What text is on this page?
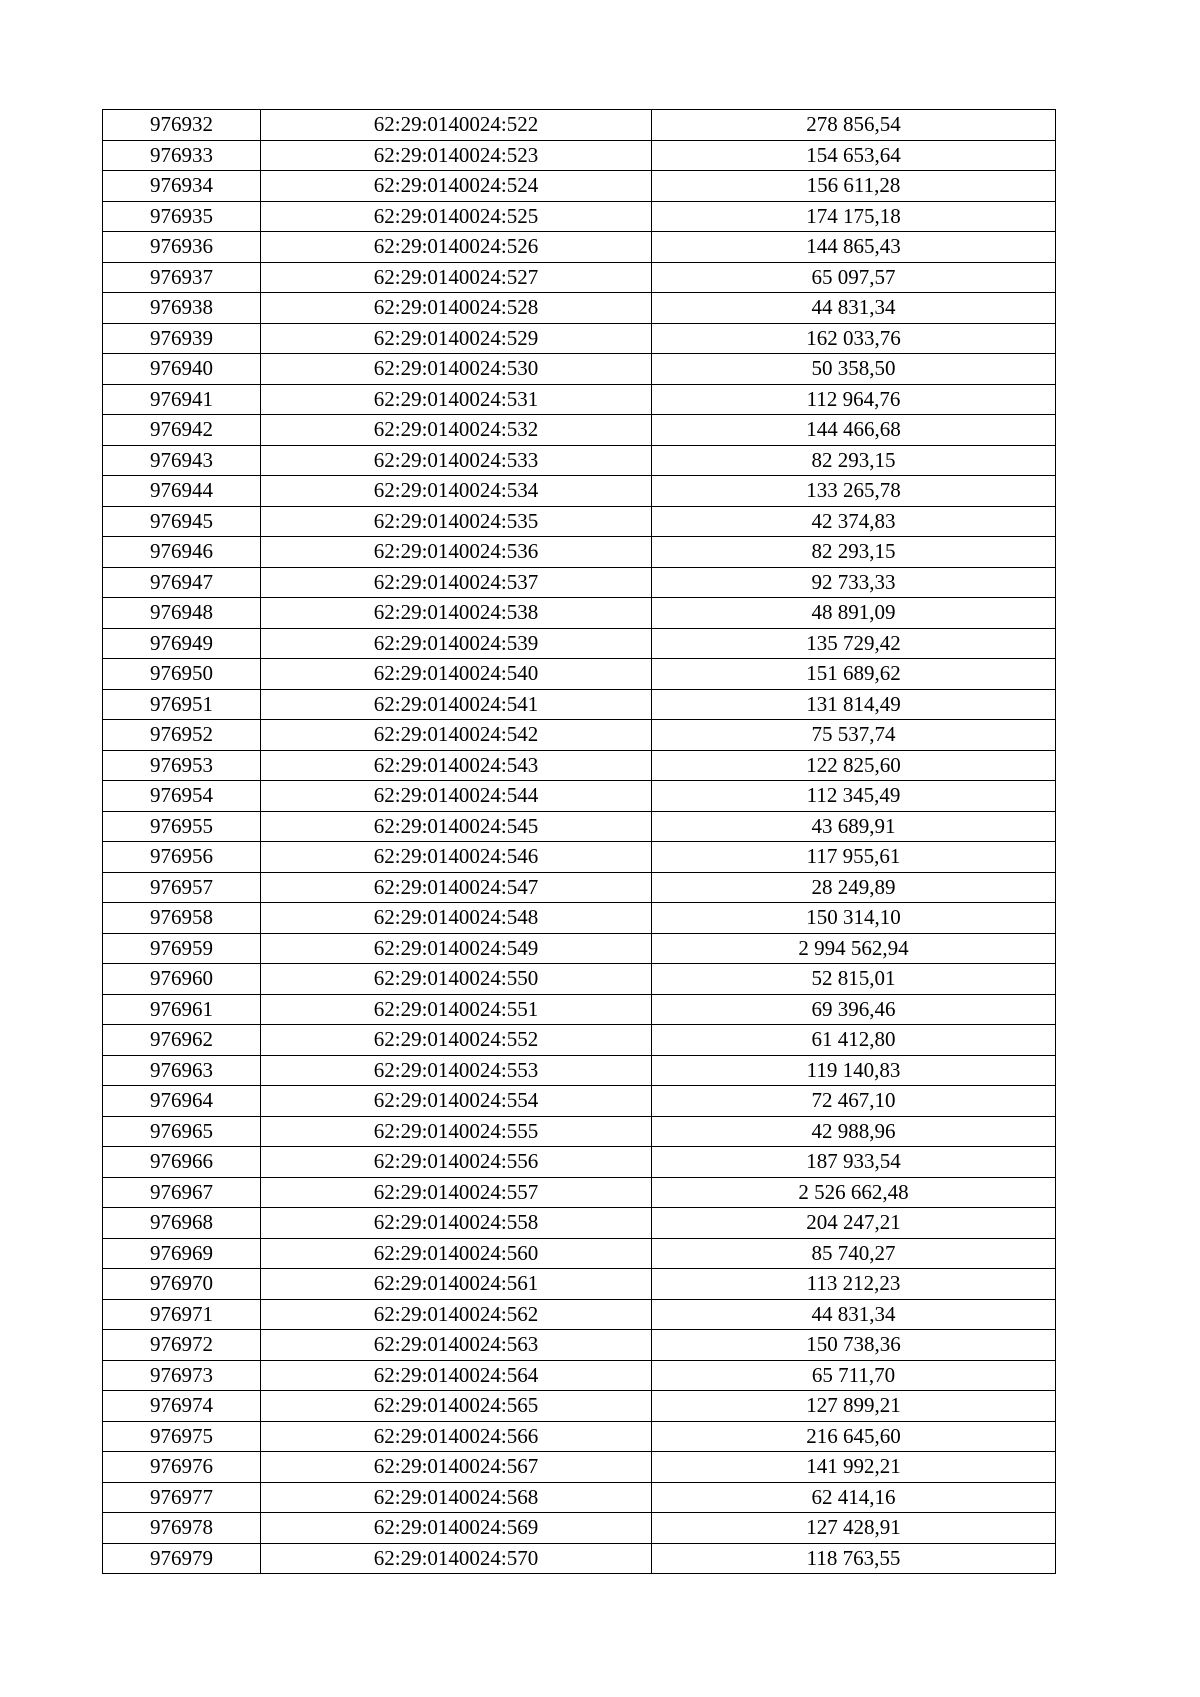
976932	62:29:0140024:522	278 856,54
976933	62:29:0140024:523	154 653,64
976934	62:29:0140024:524	156 611,28
976935	62:29:0140024:525	174 175,18
976936	62:29:0140024:526	144 865,43
976937	62:29:0140024:527	65 097,57
976938	62:29:0140024:528	44 831,34
976939	62:29:0140024:529	162 033,76
976940	62:29:0140024:530	50 358,50
976941	62:29:0140024:531	112 964,76
976942	62:29:0140024:532	144 466,68
976943	62:29:0140024:533	82 293,15
976944	62:29:0140024:534	133 265,78
976945	62:29:0140024:535	42 374,83
976946	62:29:0140024:536	82 293,15
976947	62:29:0140024:537	92 733,33
976948	62:29:0140024:538	48 891,09
976949	62:29:0140024:539	135 729,42
976950	62:29:0140024:540	151 689,62
976951	62:29:0140024:541	131 814,49
976952	62:29:0140024:542	75 537,74
976953	62:29:0140024:543	122 825,60
976954	62:29:0140024:544	112 345,49
976955	62:29:0140024:545	43 689,91
976956	62:29:0140024:546	117 955,61
976957	62:29:0140024:547	28 249,89
976958	62:29:0140024:548	150 314,10
976959	62:29:0140024:549	2 994 562,94
976960	62:29:0140024:550	52 815,01
976961	62:29:0140024:551	69 396,46
976962	62:29:0140024:552	61 412,80
976963	62:29:0140024:553	119 140,83
976964	62:29:0140024:554	72 467,10
976965	62:29:0140024:555	42 988,96
976966	62:29:0140024:556	187 933,54
976967	62:29:0140024:557	2 526 662,48
976968	62:29:0140024:558	204 247,21
976969	62:29:0140024:560	85 740,27
976970	62:29:0140024:561	113 212,23
976971	62:29:0140024:562	44 831,34
976972	62:29:0140024:563	150 738,36
976973	62:29:0140024:564	65 711,70
976974	62:29:0140024:565	127 899,21
976975	62:29:0140024:566	216 645,60
976976	62:29:0140024:567	141 992,21
976977	62:29:0140024:568	62 414,16
976978	62:29:0140024:569	127 428,91
976979	62:29:0140024:570	118 763,55
